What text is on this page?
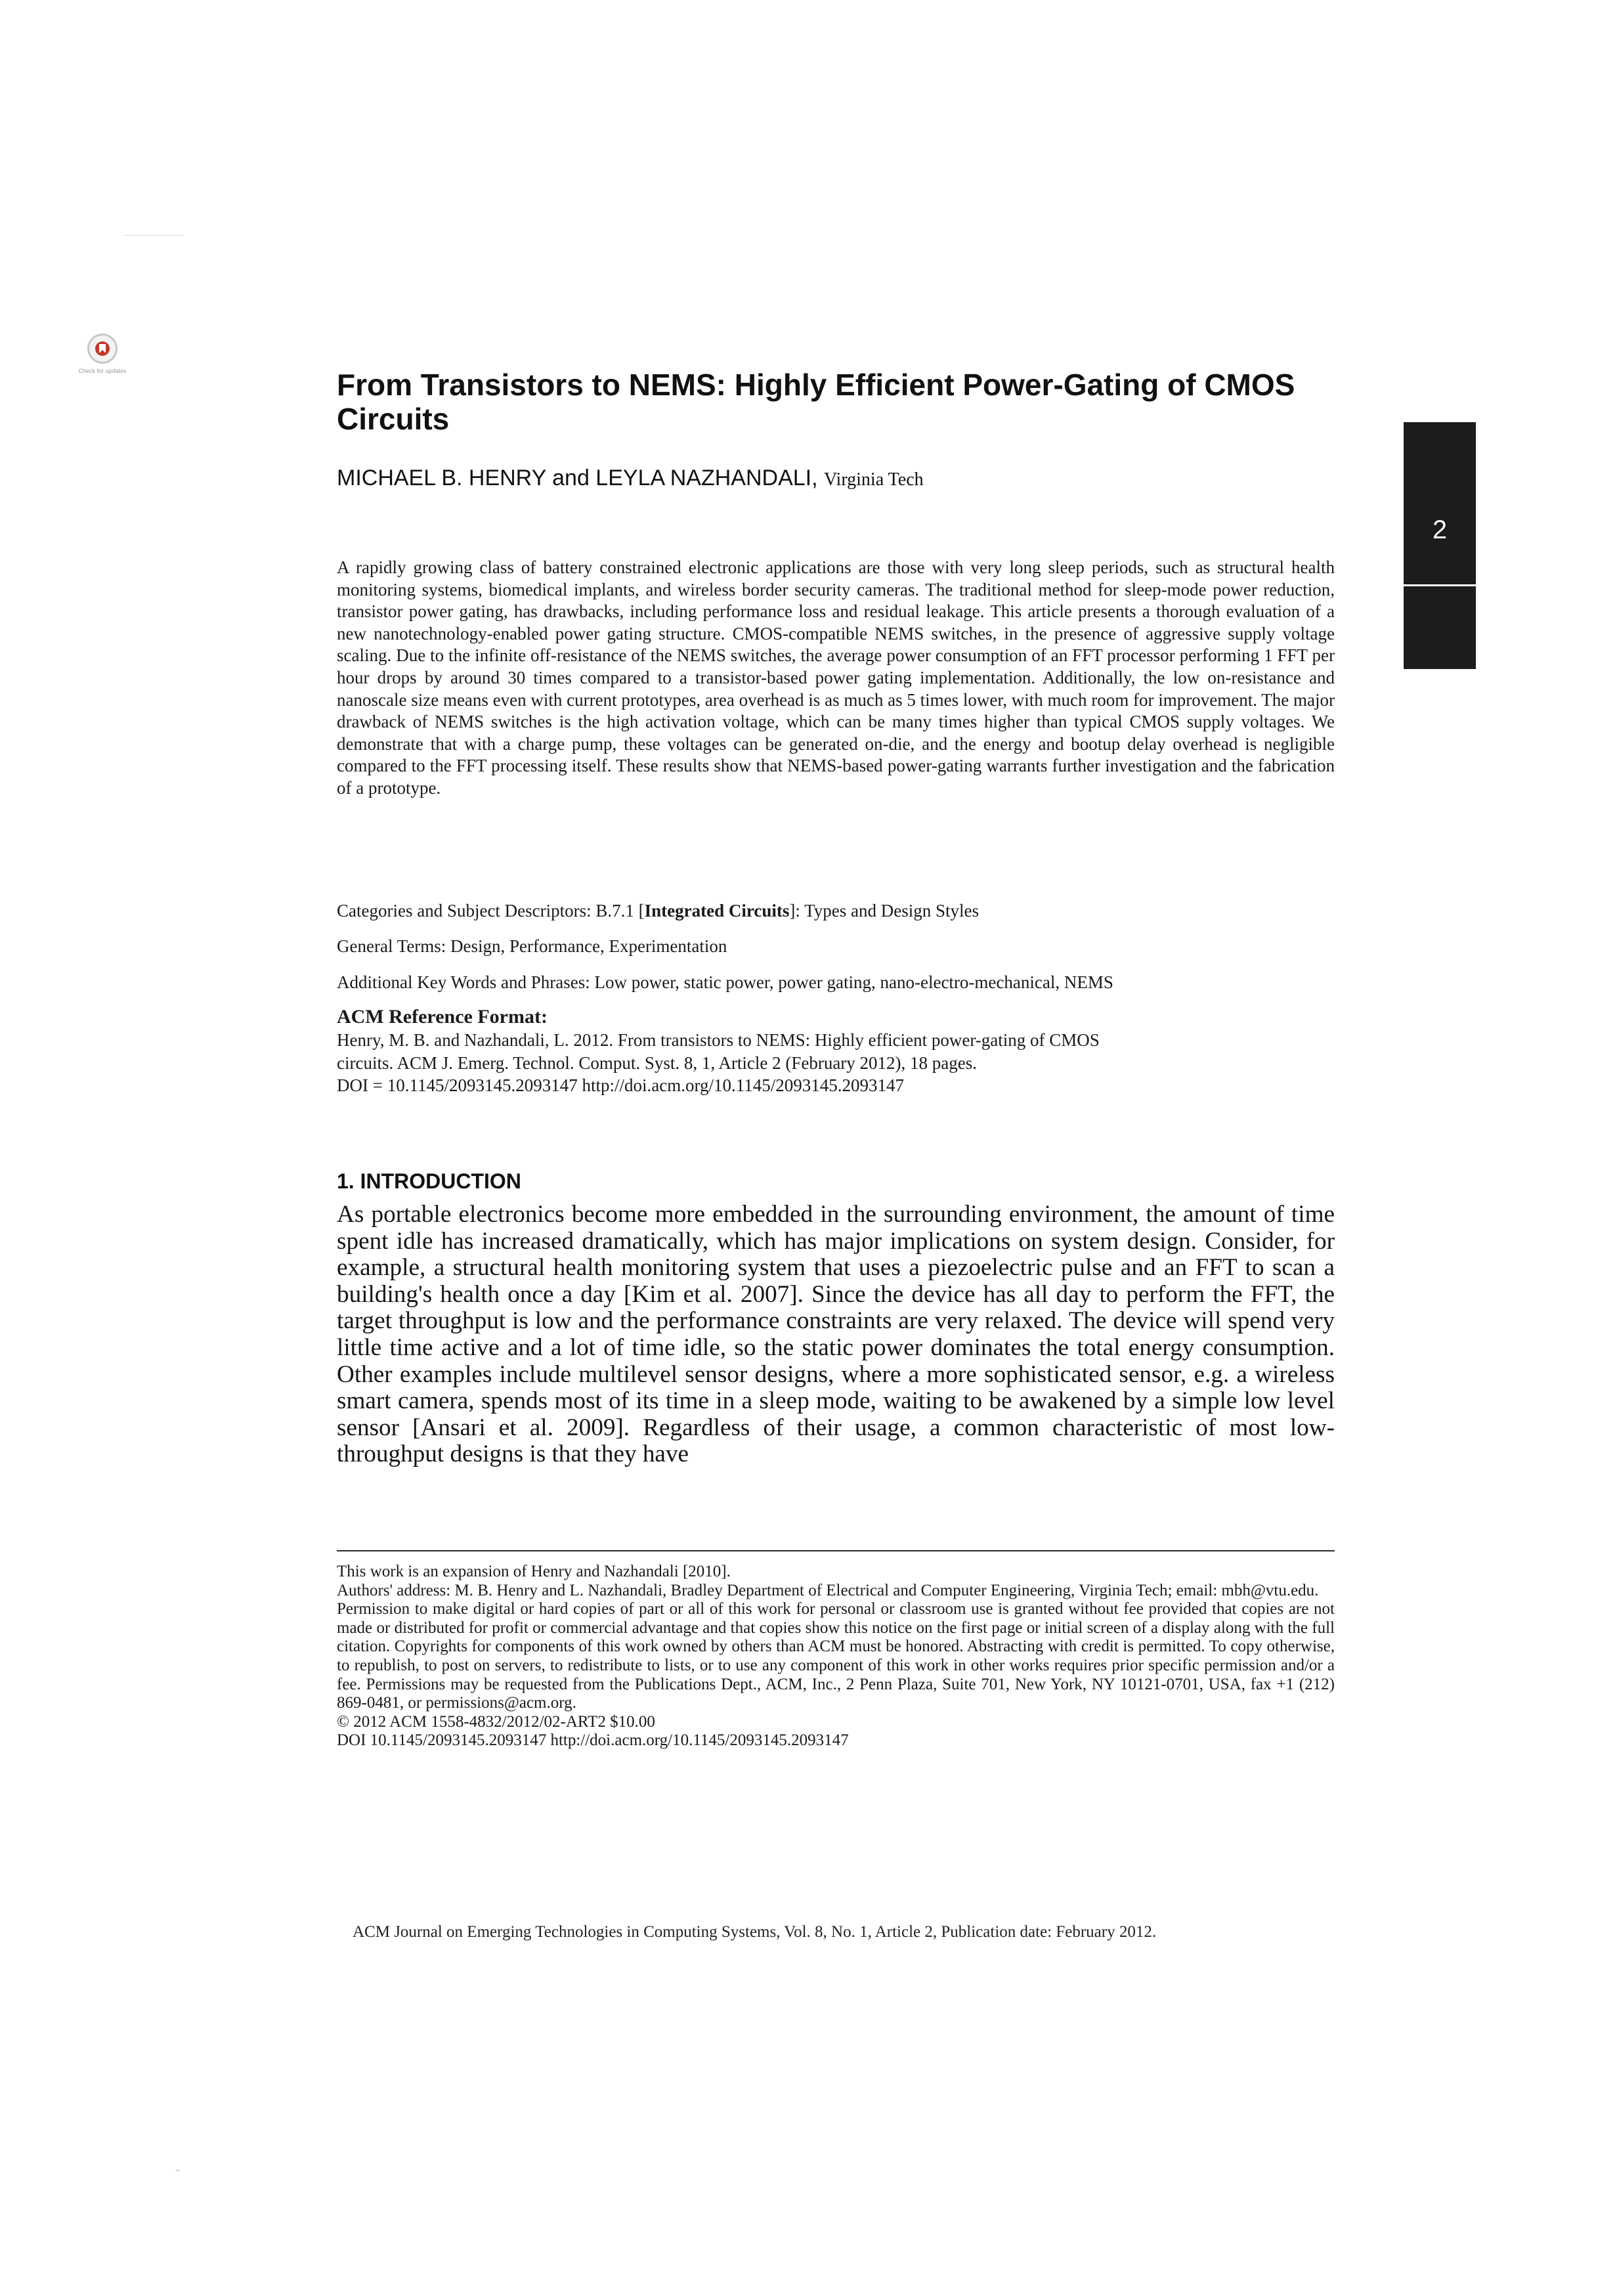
Check for updates
2
From Transistors to NEMS: Highly Efficient Power-Gating of CMOS Circuits
MICHAEL B. HENRY and LEYLA NAZHANDALI, Virginia Tech

A rapidly growing class of battery constrained electronic applications are those with very long sleep periods, such as structural health monitoring systems, biomedical implants, and wireless border security cameras. The traditional method for sleep-mode power reduction, transistor power gating, has drawbacks, including performance loss and residual leakage. This article presents a thorough evaluation of a new nanotechnology-enabled power gating structure. CMOS-compatible NEMS switches, in the presence of aggressive supply voltage scaling. Due to the infinite off-resistance of the NEMS switches, the average power consumption of an FFT processor performing 1 FFT per hour drops by around 30 times compared to a transistor-based power gating implementation. Additionally, the low on-resistance and nanoscale size means even with current prototypes, area overhead is as much as 5 times lower, with much room for improvement. The major drawback of NEMS switches is the high activation voltage, which can be many times higher than typical CMOS supply voltages. We demonstrate that with a charge pump, these voltages can be generated on-die, and the energy and bootup delay overhead is negligible compared to the FFT processing itself. These results show that NEMS-based power-gating warrants further investigation and the fabrication of a prototype.

Categories and Subject Descriptors: B.7.1 [Integrated Circuits]: Types and Design Styles

General Terms: Design, Performance, Experimentation

Additional Key Words and Phrases: Low power, static power, power gating, nano-electro-mechanical, NEMS

ACM Reference Format:

Henry, M. B. and Nazhandali, L. 2012. From transistors to NEMS: Highly efficient power-gating of CMOS
circuits. ACM J. Emerg. Technol. Comput. Syst. 8, 1, Article 2 (February 2012), 18 pages.
DOI = 10.1145/2093145.2093147 http://doi.acm.org/10.1145/2093145.2093147
1. INTRODUCTION

As portable electronics become more embedded in the surrounding environment, the amount of time spent idle has increased dramatically, which has major implications on system design. Consider, for example, a structural health monitoring system that uses a piezoelectric pulse and an FFT to scan a building's health once a day [Kim et al. 2007]. Since the device has all day to perform the FFT, the target throughput is low and the performance constraints are very relaxed. The device will spend very little time active and a lot of time idle, so the static power dominates the total energy consumption. Other examples include multilevel sensor designs, where a more sophisticated sensor, e.g. a wireless smart camera, spends most of its time in a sleep mode, waiting to be awakened by a simple low level sensor [Ansari et al. 2009]. Regardless of their usage, a common characteristic of most low-throughput designs is that they have

This work is an expansion of Henry and Nazhandali [2010].

Authors' address: M. B. Henry and L. Nazhandali, Bradley Department of Electrical and Computer Engineering, Virginia Tech; email: mbh@vtu.edu.

Permission to make digital or hard copies of part or all of this work for personal or classroom use is granted without fee provided that copies are not made or distributed for profit or commercial advantage and that copies show this notice on the first page or initial screen of a display along with the full citation. Copyrights for components of this work owned by others than ACM must be honored. Abstracting with credit is permitted. To copy otherwise, to republish, to post on servers, to redistribute to lists, or to use any component of this work in other works requires prior specific permission and/or a fee. Permissions may be requested from the Publications Dept., ACM, Inc., 2 Penn Plaza, Suite 701, New York, NY 10121-0701, USA, fax +1 (212) 869-0481, or permissions@acm.org.

© 2012 ACM 1558-4832/2012/02-ART2 $10.00

DOI 10.1145/2093145.2093147 http://doi.acm.org/10.1145/2093145.2093147

ACM Journal on Emerging Technologies in Computing Systems, Vol. 8, No. 1, Article 2, Publication date: February 2012.
